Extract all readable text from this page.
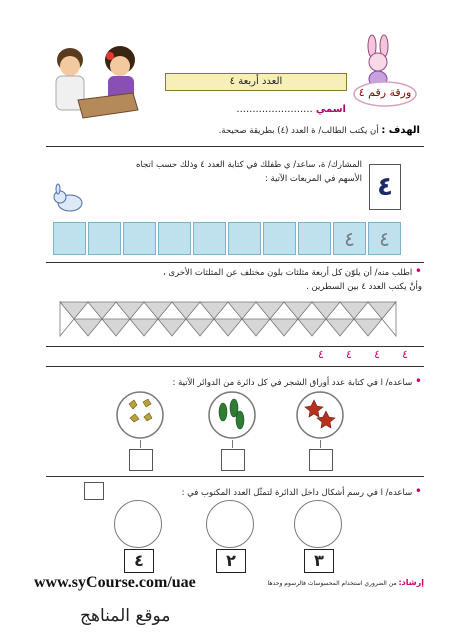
العدد أربعة ٤
ورقة رقم ٤
اسمي ........................
الهدف : أن يكتب الطالب/ ة العدد (٤) بطريقة صحيحة.
٤
المشارك/ ة، ساعد/ ي طفلك في كتابة العدد ٤ وذلك حسب اتجاه
الأسهم في المربعات الآتية :
٤ ٤
• اطلب منه/ أن يلوّن كل أربعة مثلثات بلون مختلف عن المثلثات الأخرى ،
وأنْ يكتب العدد ٤ بين السطرين .
٤
٤
٤
٤
• ساعده/ ا في كتابة عدد أوراق الشجر في كل دائرة من الدوائر الآتية :
• ساعده/ ا في رسم أشكال داخل الدائرة لتمثّل العدد المكتوب في :
٤	٢	٣
إرشاد: من الضروري استخدام المحسوسات فالرسوم وحدها
www.syCourse.com/uae
موقع المناهج
